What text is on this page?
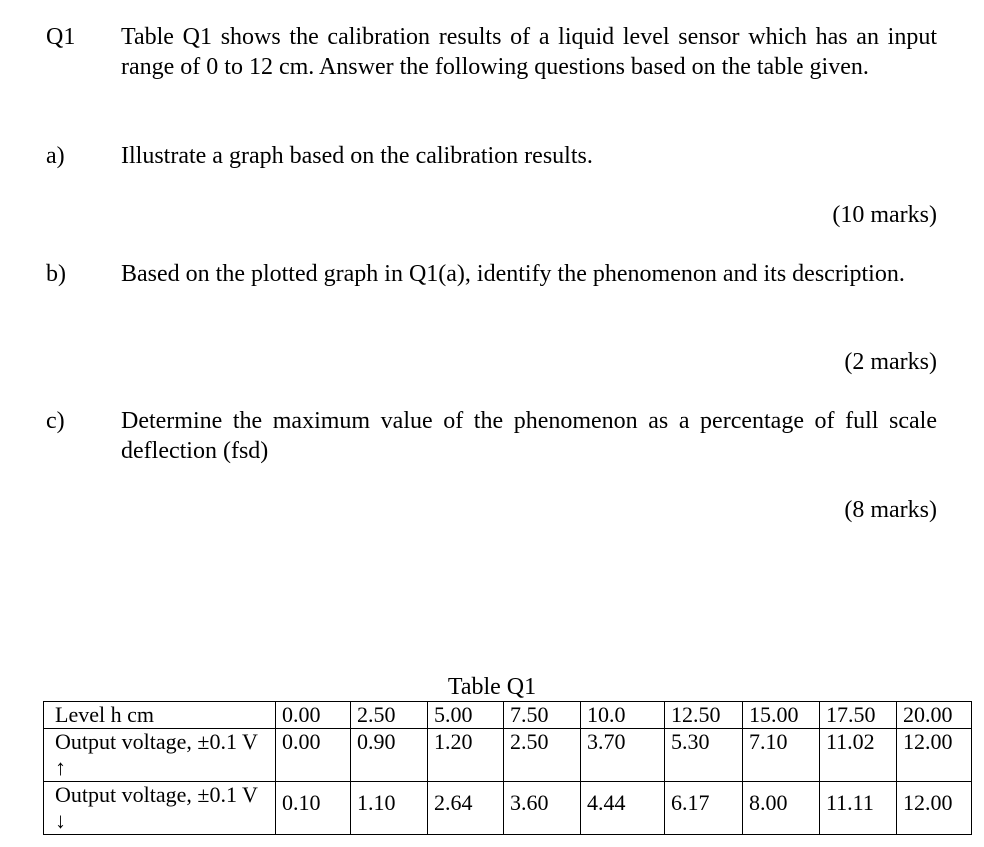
Q1 Table Q1 shows the calibration results of a liquid level sensor which has an input range of 0 to 12 cm. Answer the following questions based on the table given.
a) Illustrate a graph based on the calibration results.
(10 marks)
b) Based on the plotted graph in Q1(a), identify the phenomenon and its description.
(2 marks)
c) Determine the maximum value of the phenomenon as a percentage of full scale deflection (fsd)
(8 marks)
Table Q1
Level h cm	0.00	2.50	5.00	7.50	10.0	12.50	15.00	17.50	20.00
Output voltage, ±0.1 V ↑	0.00	0.90	1.20	2.50	3.70	5.30	7.10	11.02	12.00
Output voltage, ±0.1 V ↓	0.10	1.10	2.64	3.60	4.44	6.17	8.00	11.11	12.00
